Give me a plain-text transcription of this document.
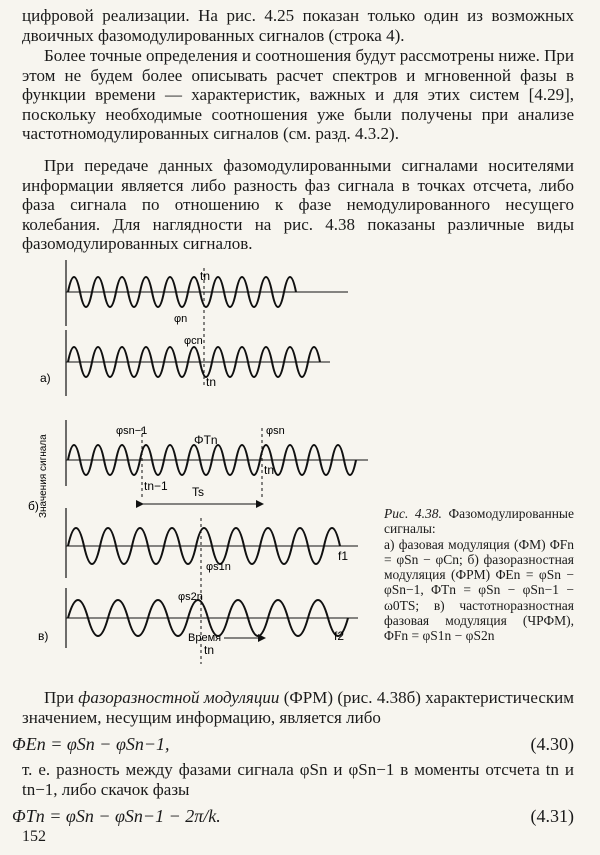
цифровой реализации. На рис. 4.25 показан только один из возможных двоичных фазомодулированных сигналов (строка 4).

Более точные определения и соотношения будут рассмотрены ниже. При этом не будем более описывать расчет спектров и мгновенной фазы в функции времени — характеристик, важных и для этих систем [4.29], поскольку необходимые соотношения уже были получены при анализе частотномодулированных сигналов (см. разд. 4.3.2).

При передаче данных фазомодулированными сигналами носителями информации является либо разность фаз сигнала в точках отсчета, либо фаза сигнала по отношению к фазе немодулированного несущего колебания. Для наглядности на рис. 4.38 показаны различные виды фазомодулированных сигналов.

Значения сигнала
Время
Ts
а)
б)
в)
tn
φn
φcn
tn
φsn−1
ΦTn
φsn
tn
tn−1
φs1n
f1
φs2n
f2
tn
Рис. 4.38. Фазомодулированные сигналы:
а) фазовая модуляция (ФМ) ΦFn = φSn − φCn; б) фазоразностная модуляция (ФРМ) ΦEn = φSn − φSn−1, ΦTn = φSn − φSn−1 − ω0TS; в) частотноразностная фазовая модуляция (ЧРФМ), ΦFn = φS1n − φS2n

При фазоразностной модуляции (ФРМ) (рис. 4.38б) характеристическим значением, несущим информацию, является либо

ΦEn = φSn − φSn−1,	(4.30)

т. е. разность между фазами сигнала φSn и φSn−1 в моменты отсчета tn и tn−1, либо скачок фазы

ΦTn = φSn − φSn−1 − 2π/k.	(4.31)
152
